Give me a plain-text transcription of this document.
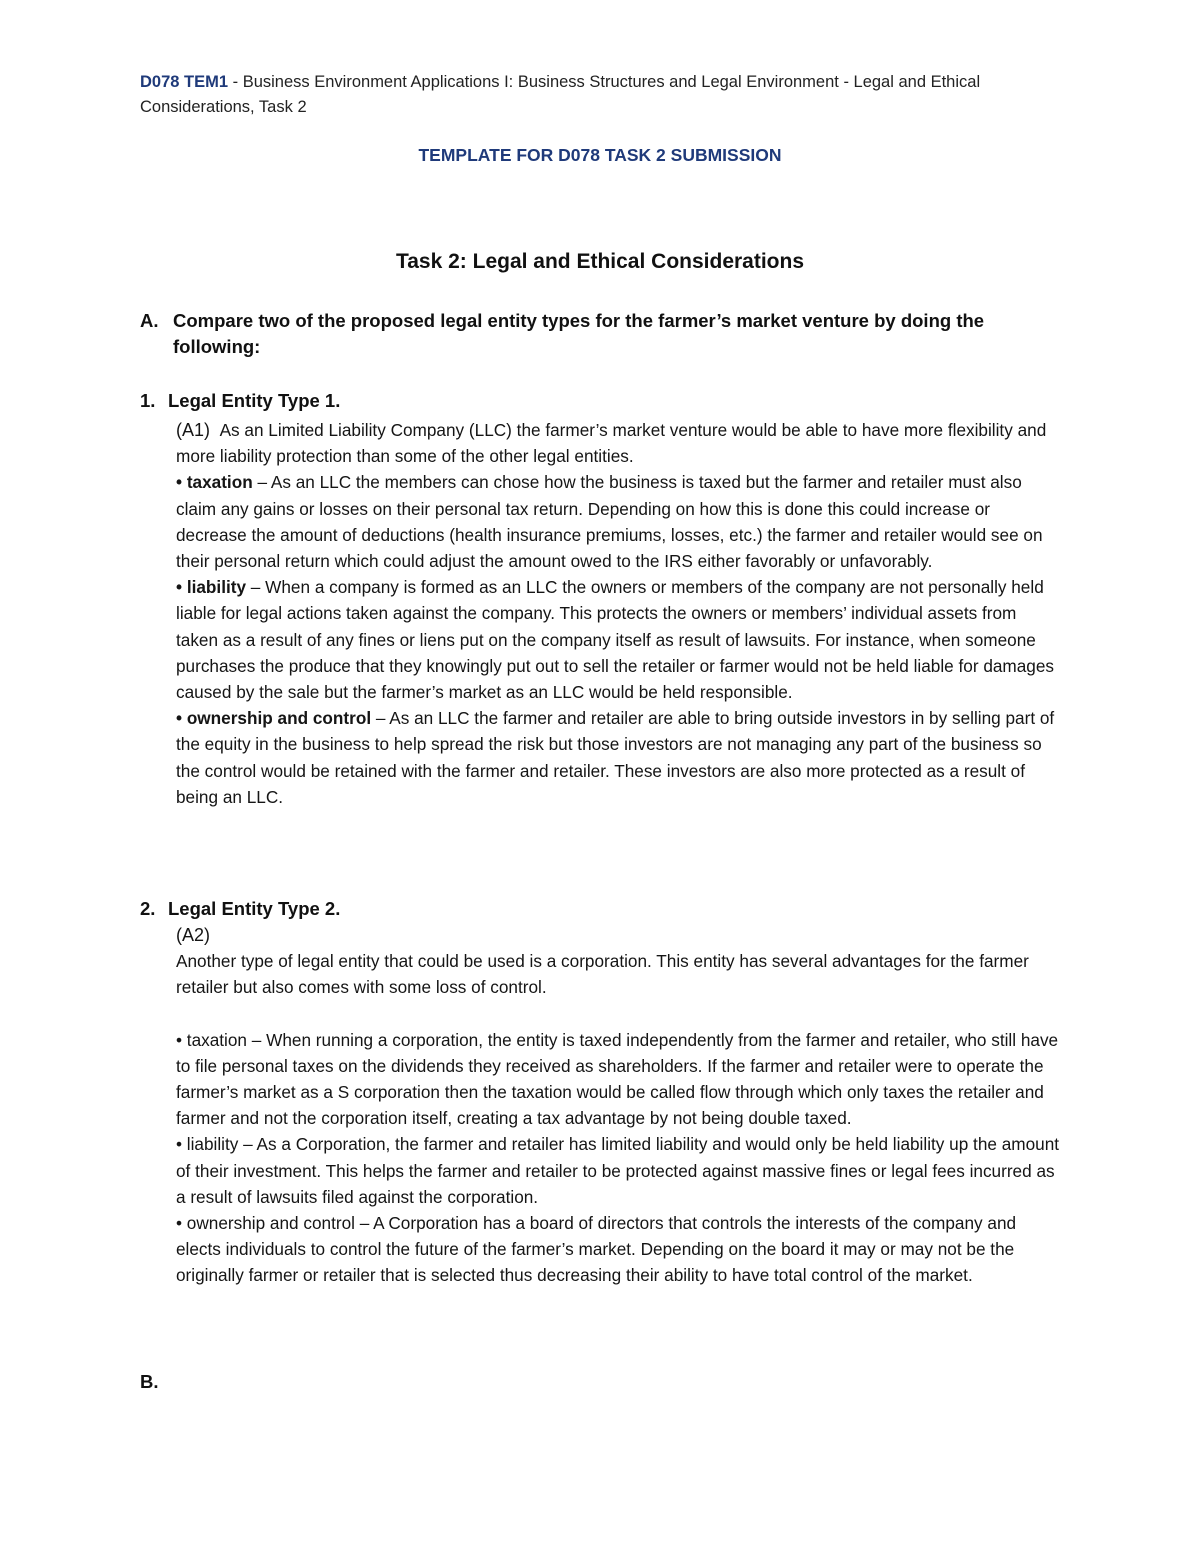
D078 TEM1 - Business Environment Applications I: Business Structures and Legal Environment - Legal and Ethical Considerations, Task 2
TEMPLATE FOR D078 TASK 2 SUBMISSION
Task 2: Legal and Ethical Considerations
A. Compare two of the proposed legal entity types for the farmer’s market venture by doing the following:
1. Legal Entity Type 1.

(A1) As an Limited Liability Company (LLC) the farmer’s market venture would be able to have more flexibility and more liability protection than some of the other legal entities.

• taxation – As an LLC the members can chose how the business is taxed but the farmer and retailer must also claim any gains or losses on their personal tax return. Depending on how this is done this could increase or decrease the amount of deductions (health insurance premiums, losses, etc.) the farmer and retailer would see on their personal return which could adjust the amount owed to the IRS either favorably or unfavorably.

• liability – When a company is formed as an LLC the owners or members of the company are not personally held liable for legal actions taken against the company. This protects the owners or members’ individual assets from taken as a result of any fines or liens put on the company itself as result of lawsuits. For instance, when someone purchases the produce that they knowingly put out to sell the retailer or farmer would not be held liable for damages caused by the sale but the farmer’s market as an LLC would be held responsible.

• ownership and control – As an LLC the farmer and retailer are able to bring outside investors in by selling part of the equity in the business to help spread the risk but those investors are not managing any part of the business so the control would be retained with the farmer and retailer. These investors are also more protected as a result of being an LLC.

2. Legal Entity Type 2.

(A2)

Another type of legal entity that could be used is a corporation. This entity has several advantages for the farmer retailer but also comes with some loss of control.

• taxation – When running a corporation, the entity is taxed independently from the farmer and retailer, who still have to file personal taxes on the dividends they received as shareholders. If the farmer and retailer were to operate the farmer’s market as a S corporation then the taxation would be called flow through which only taxes the retailer and farmer and not the corporation itself, creating a tax advantage by not being double taxed.

• liability – As a Corporation, the farmer and retailer has limited liability and would only be held liability up the amount of their investment. This helps the farmer and retailer to be protected against massive fines or legal fees incurred as a result of lawsuits filed against the corporation.

• ownership and control – A Corporation has a board of directors that controls the interests of the company and elects individuals to control the future of the farmer’s market. Depending on the board it may or may not be the originally farmer or retailer that is selected thus decreasing their ability to have total control of the market.

B.
